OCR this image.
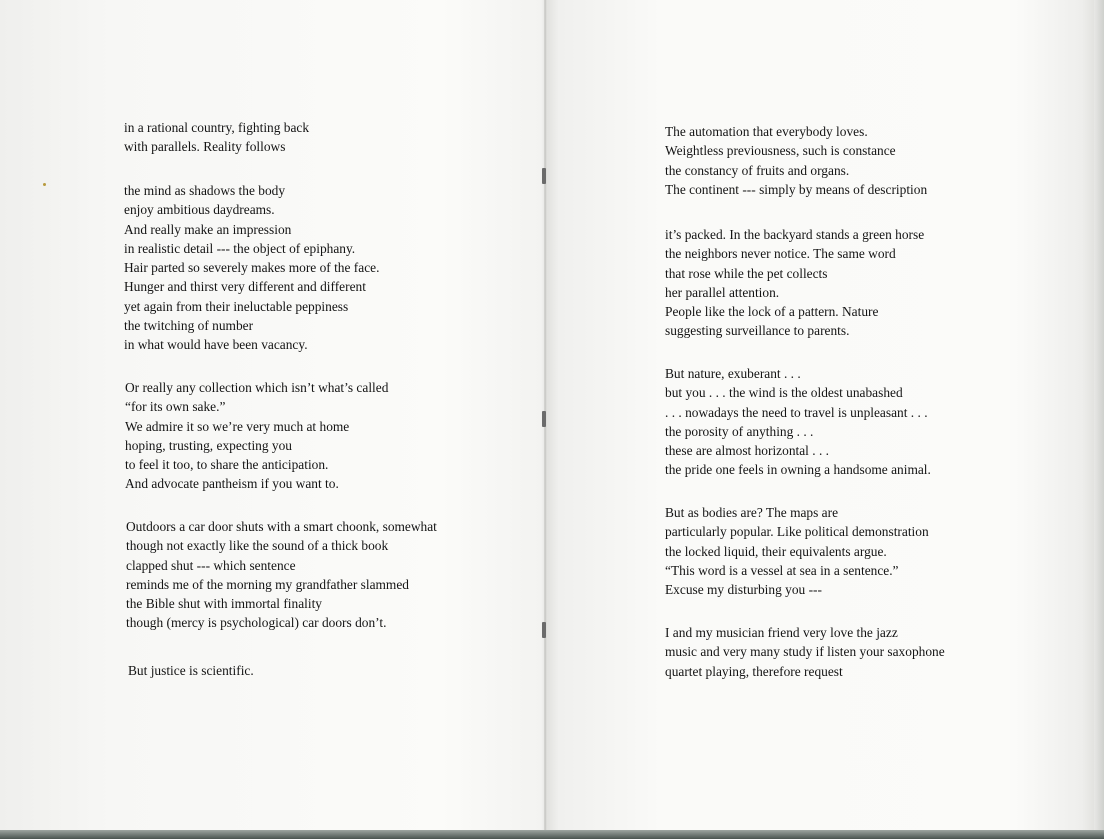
in a rational country, fighting back
with parallels. Reality follows
the mind as shadows the body
enjoy ambitious daydreams.
And really make an impression
in realistic detail --- the object of epiphany.
Hair parted so severely makes more of the face.
Hunger and thirst very different and different
yet again from their ineluctable peppiness
the twitching of number
in what would have been vacancy.
Or really any collection which isn’t what’s called
“for its own sake.”
We admire it so we’re very much at home
hoping, trusting, expecting you
to feel it too, to share the anticipation.
And advocate pantheism if you want to.
Outdoors a car door shuts with a smart choonk, somewhat
though not exactly like the sound of a thick book
clapped shut --- which sentence
reminds me of the morning my grandfather slammed
the Bible shut with immortal finality
though (mercy is psychological) car doors don’t.
But justice is scientific.
The automation that everybody loves.
Weightless previousness, such is constance
the constancy of fruits and organs.
The continent --- simply by means of description
it’s packed. In the backyard stands a green horse
the neighbors never notice. The same word
that rose while the pet collects
her parallel attention.
People like the lock of a pattern. Nature
suggesting surveillance to parents.
But nature, exuberant . . .
but you . . . the wind is the oldest unabashed
. . . nowadays the need to travel is unpleasant . . .
the porosity of anything . . .
these are almost horizontal . . .
the pride one feels in owning a handsome animal.
But as bodies are? The maps are
particularly popular. Like political demonstration
the locked liquid, their equivalents argue.
“This word is a vessel at sea in a sentence.”
Excuse my disturbing you ---
I and my musician friend very love the jazz
music and very many study if listen your saxophone
quartet playing, therefore request
